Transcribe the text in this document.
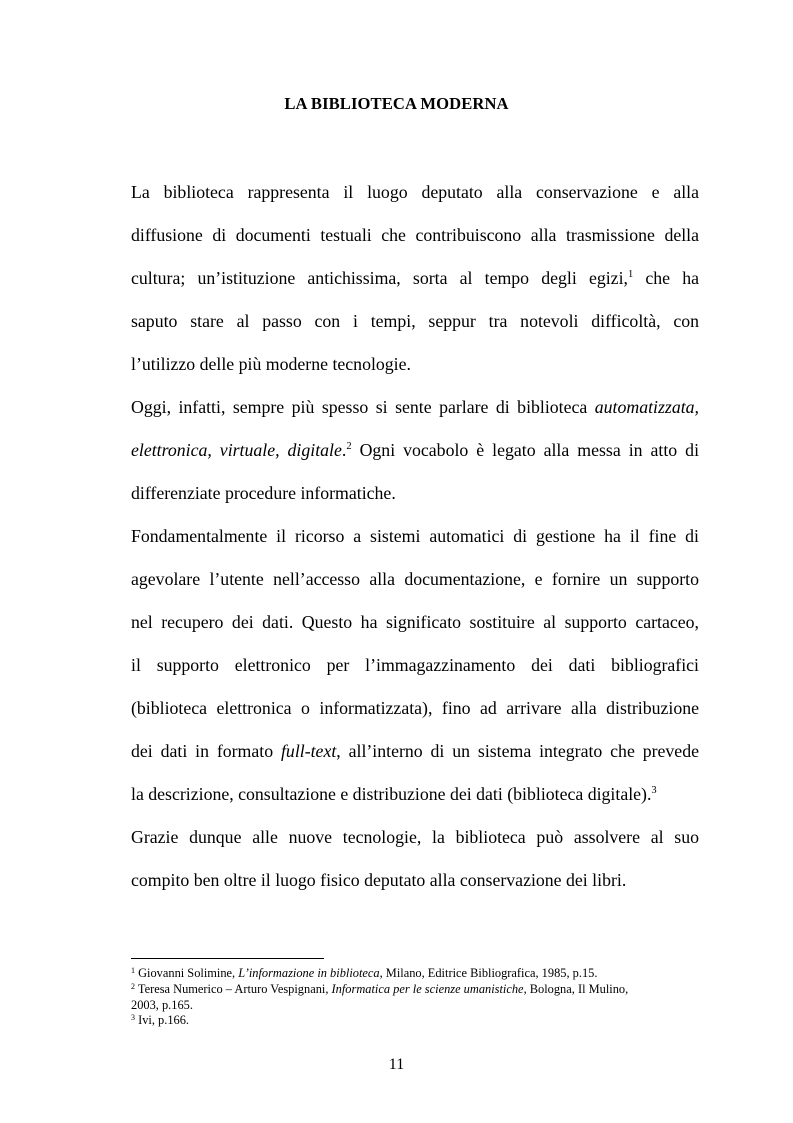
LA BIBLIOTECA MODERNA
La biblioteca rappresenta il luogo deputato alla conservazione e alla
diffusione di documenti testuali che contribuiscono alla trasmissione della
cultura; un’istituzione antichissima, sorta al tempo degli egizi,$^1$ che ha
saputo stare al passo con i tempi, seppur tra notevoli difficoltà, con
l’utilizzo delle più moderne tecnologie.
Oggi, infatti, sempre più spesso si sente parlare di biblioteca automatizzata,
elettronica, virtuale, digitale.$^2$ Ogni vocabolo è legato alla messa in atto di
differenziate procedure informatiche.
Fondamentalmente il ricorso a sistemi automatici di gestione ha il fine di
agevolare l’utente nell’accesso alla documentazione, e fornire un supporto
nel recupero dei dati. Questo ha significato sostituire al supporto cartaceo,
il supporto elettronico per l’immagazzinamento dei dati bibliografici
(biblioteca elettronica o informatizzata), fino ad arrivare alla distribuzione
dei dati in formato full-text, all’interno di un sistema integrato che prevede
la descrizione, consultazione e distribuzione dei dati (biblioteca digitale).$^3$
Grazie dunque alle nuove tecnologie, la biblioteca può assolvere al suo
compito ben oltre il luogo fisico deputato alla conservazione dei libri.
$^1$ Giovanni Solimine, L’informazione in biblioteca, Milano, Editrice Bibliografica, 1985, p.15.
$^2$ Teresa Numerico – Arturo Vespignani, Informatica per le scienze umanistiche, Bologna, Il Mulino,
2003, p.165.
$^3$ Ivi, p.166.
11
